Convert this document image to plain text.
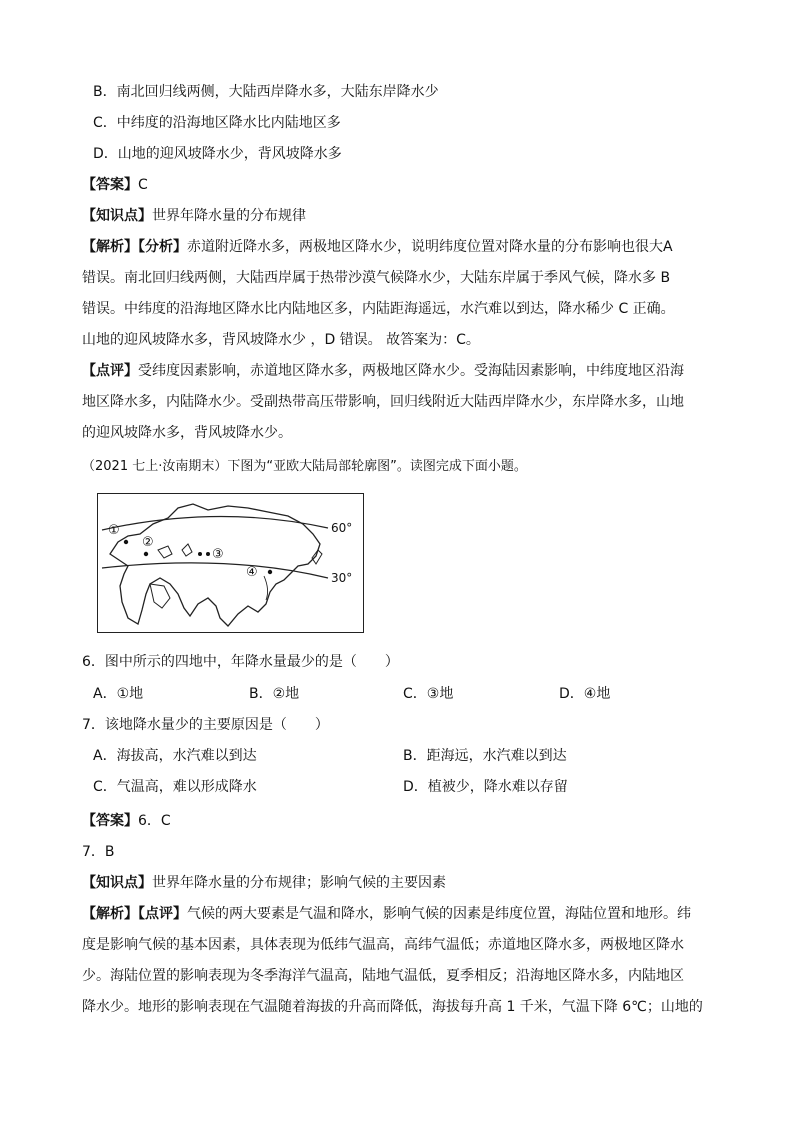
B．南北回归线两侧，大陆西岸降水多，大陆东岸降水少
C．中纬度的沿海地区降水比内陆地区多
D．山地的迎风坡降水少，背风坡降水多
【答案】C
【知识点】世界年降水量的分布规律
【解析】【分析】赤道附近降水多，两极地区降水少，说明纬度位置对降水量的分布影响也很大A
错误。南北回归线两侧，大陆西岸属于热带沙漠气候降水少，大陆东岸属于季风气候，降水多 B
错误。中纬度的沿海地区降水比内陆地区多，内陆距海遥远，水汽难以到达，降水稀少 C 正确。
山地的迎风坡降水多，背风坡降水少 ，D 错误。 故答案为：C。
【点评】受纬度因素影响，赤道地区降水多，两极地区降水少。受海陆因素影响，中纬度地区沿海
地区降水多，内陆降水少。受副热带高压带影响，回归线附近大陆西岸降水少，东岸降水多，山地
的迎风坡降水多，背风坡降水少。
（2021 七上·汝南期末）下图为“亚欧大陆局部轮廓图”。读图完成下面小题。
①
②
③
④
60°
30°
6．图中所示的四地中，年降水量最少的是（　　）
A．①地	B．②地	C．③地	D．④地
7．该地降水量少的主要原因是（　　）
A．海拔高，水汽难以到达	B．距海远，水汽难以到达
C．气温高，难以形成降水	D．植被少，降水难以存留
【答案】6．C
7．B
【知识点】世界年降水量的分布规律；影响气候的主要因素
【解析】【点评】气候的两大要素是气温和降水，影响气候的因素是纬度位置，海陆位置和地形。纬
度是影响气候的基本因素，具体表现为低纬气温高，高纬气温低；赤道地区降水多，两极地区降水
少。海陆位置的影响表现为冬季海洋气温高，陆地气温低，夏季相反；沿海地区降水多，内陆地区
降水少。地形的影响表现在气温随着海拔的升高而降低，海拔每升高 1 千米，气温下降 6℃；山地的
